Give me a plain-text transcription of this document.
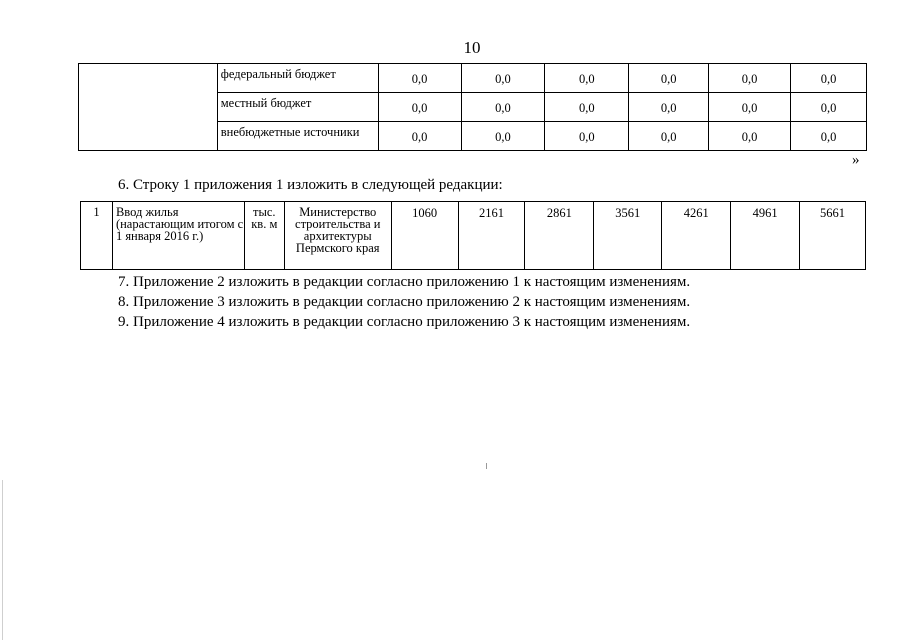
10
	федеральный бюджет	0,0	0,0	0,0	0,0	0,0	0,0
	местный бюджет	0,0	0,0	0,0	0,0	0,0	0,0
	внебюджетные источники	0,0	0,0	0,0	0,0	0,0	0,0
»
6. Строку 1 приложения 1 изложить в следующей редакции:
1	Ввод жилья (нарастающим итогом с 1 января 2016 г.)	тыс. кв. м	Министерство строительства и архитектуры Пермского края	1060	2161	2861	3561	4261	4961	5661
7. Приложение 2 изложить в редакции согласно приложению 1 к настоящим изменениям.
8. Приложение 3 изложить в редакции согласно приложению 2 к настоящим изменениям.
9. Приложение 4 изложить в редакции согласно приложению 3 к настоящим изменениям.
